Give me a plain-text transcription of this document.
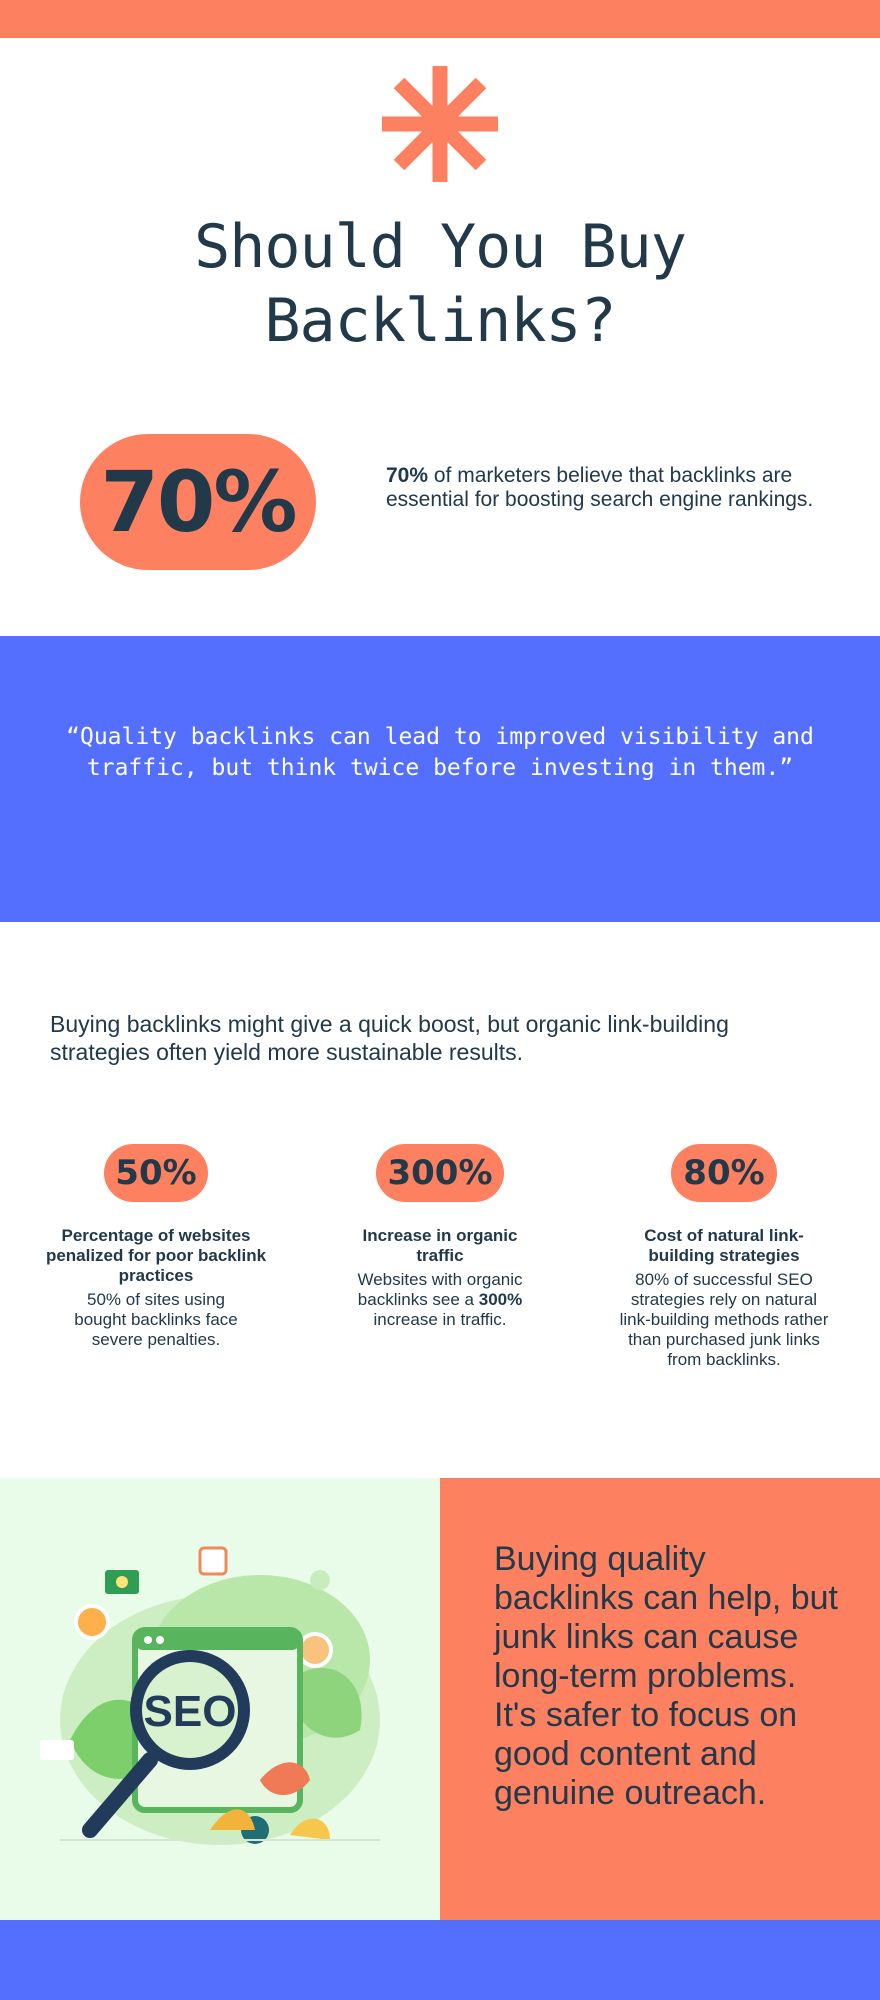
Should You Buy
Backlinks?
70%	70% of marketers believe that backlinks are essential for boosting search engine rankings.
“Quality backlinks can lead to improved visibility and traffic, but think twice before investing in them.”
Buying backlinks might give a quick boost, but organic link-building strategies often yield more sustainable results.
50%
Percentage of websites penalized for poor backlink practices
50% of sites using bought backlinks face severe penalties.
300%
Increase in organic traffic
Websites with organic backlinks see a 300% increase in traffic.
80%
Cost of natural link-building strategies
80% of successful SEO strategies rely on natural link-building methods rather than purchased junk links from backlinks.
SEO
Buying quality backlinks can help, but junk links can cause long-term problems. It's safer to focus on good content and genuine outreach.
